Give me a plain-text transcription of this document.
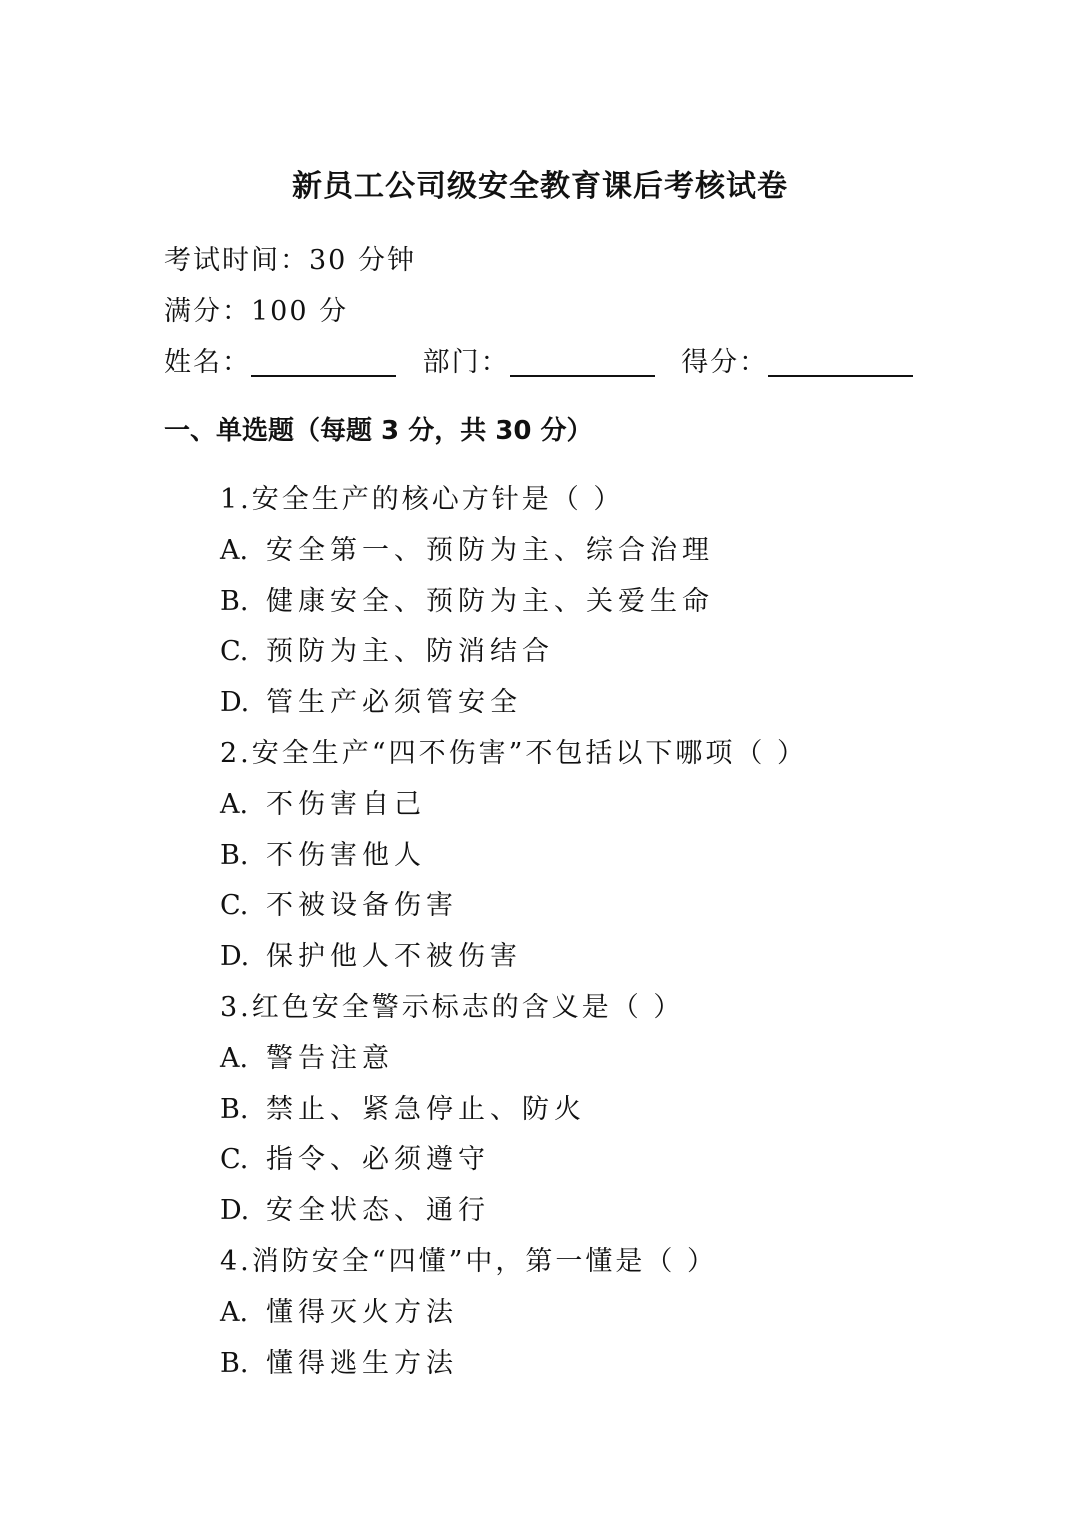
新员工公司级安全教育课后考核试卷
考试时间：30 分钟
满分：100 分
姓名：	部门：	得分：
一、单选题（每题 3 分，共 30 分）
1.安全生产的核心方针是（ ）
A. 安全第一、预防为主、综合治理
B. 健康安全、预防为主、关爱生命
C. 预防为主、防消结合
D. 管生产必须管安全
2.安全生产“四不伤害”不包括以下哪项（ ）
A. 不伤害自己
B. 不伤害他人
C. 不被设备伤害
D. 保护他人不被伤害
3.红色安全警示标志的含义是（ ）
A. 警告注意
B. 禁止、紧急停止、防火
C. 指令、必须遵守
D. 安全状态、通行
4.消防安全“四懂”中，第一懂是（ ）
A. 懂得灭火方法
B. 懂得逃生方法
